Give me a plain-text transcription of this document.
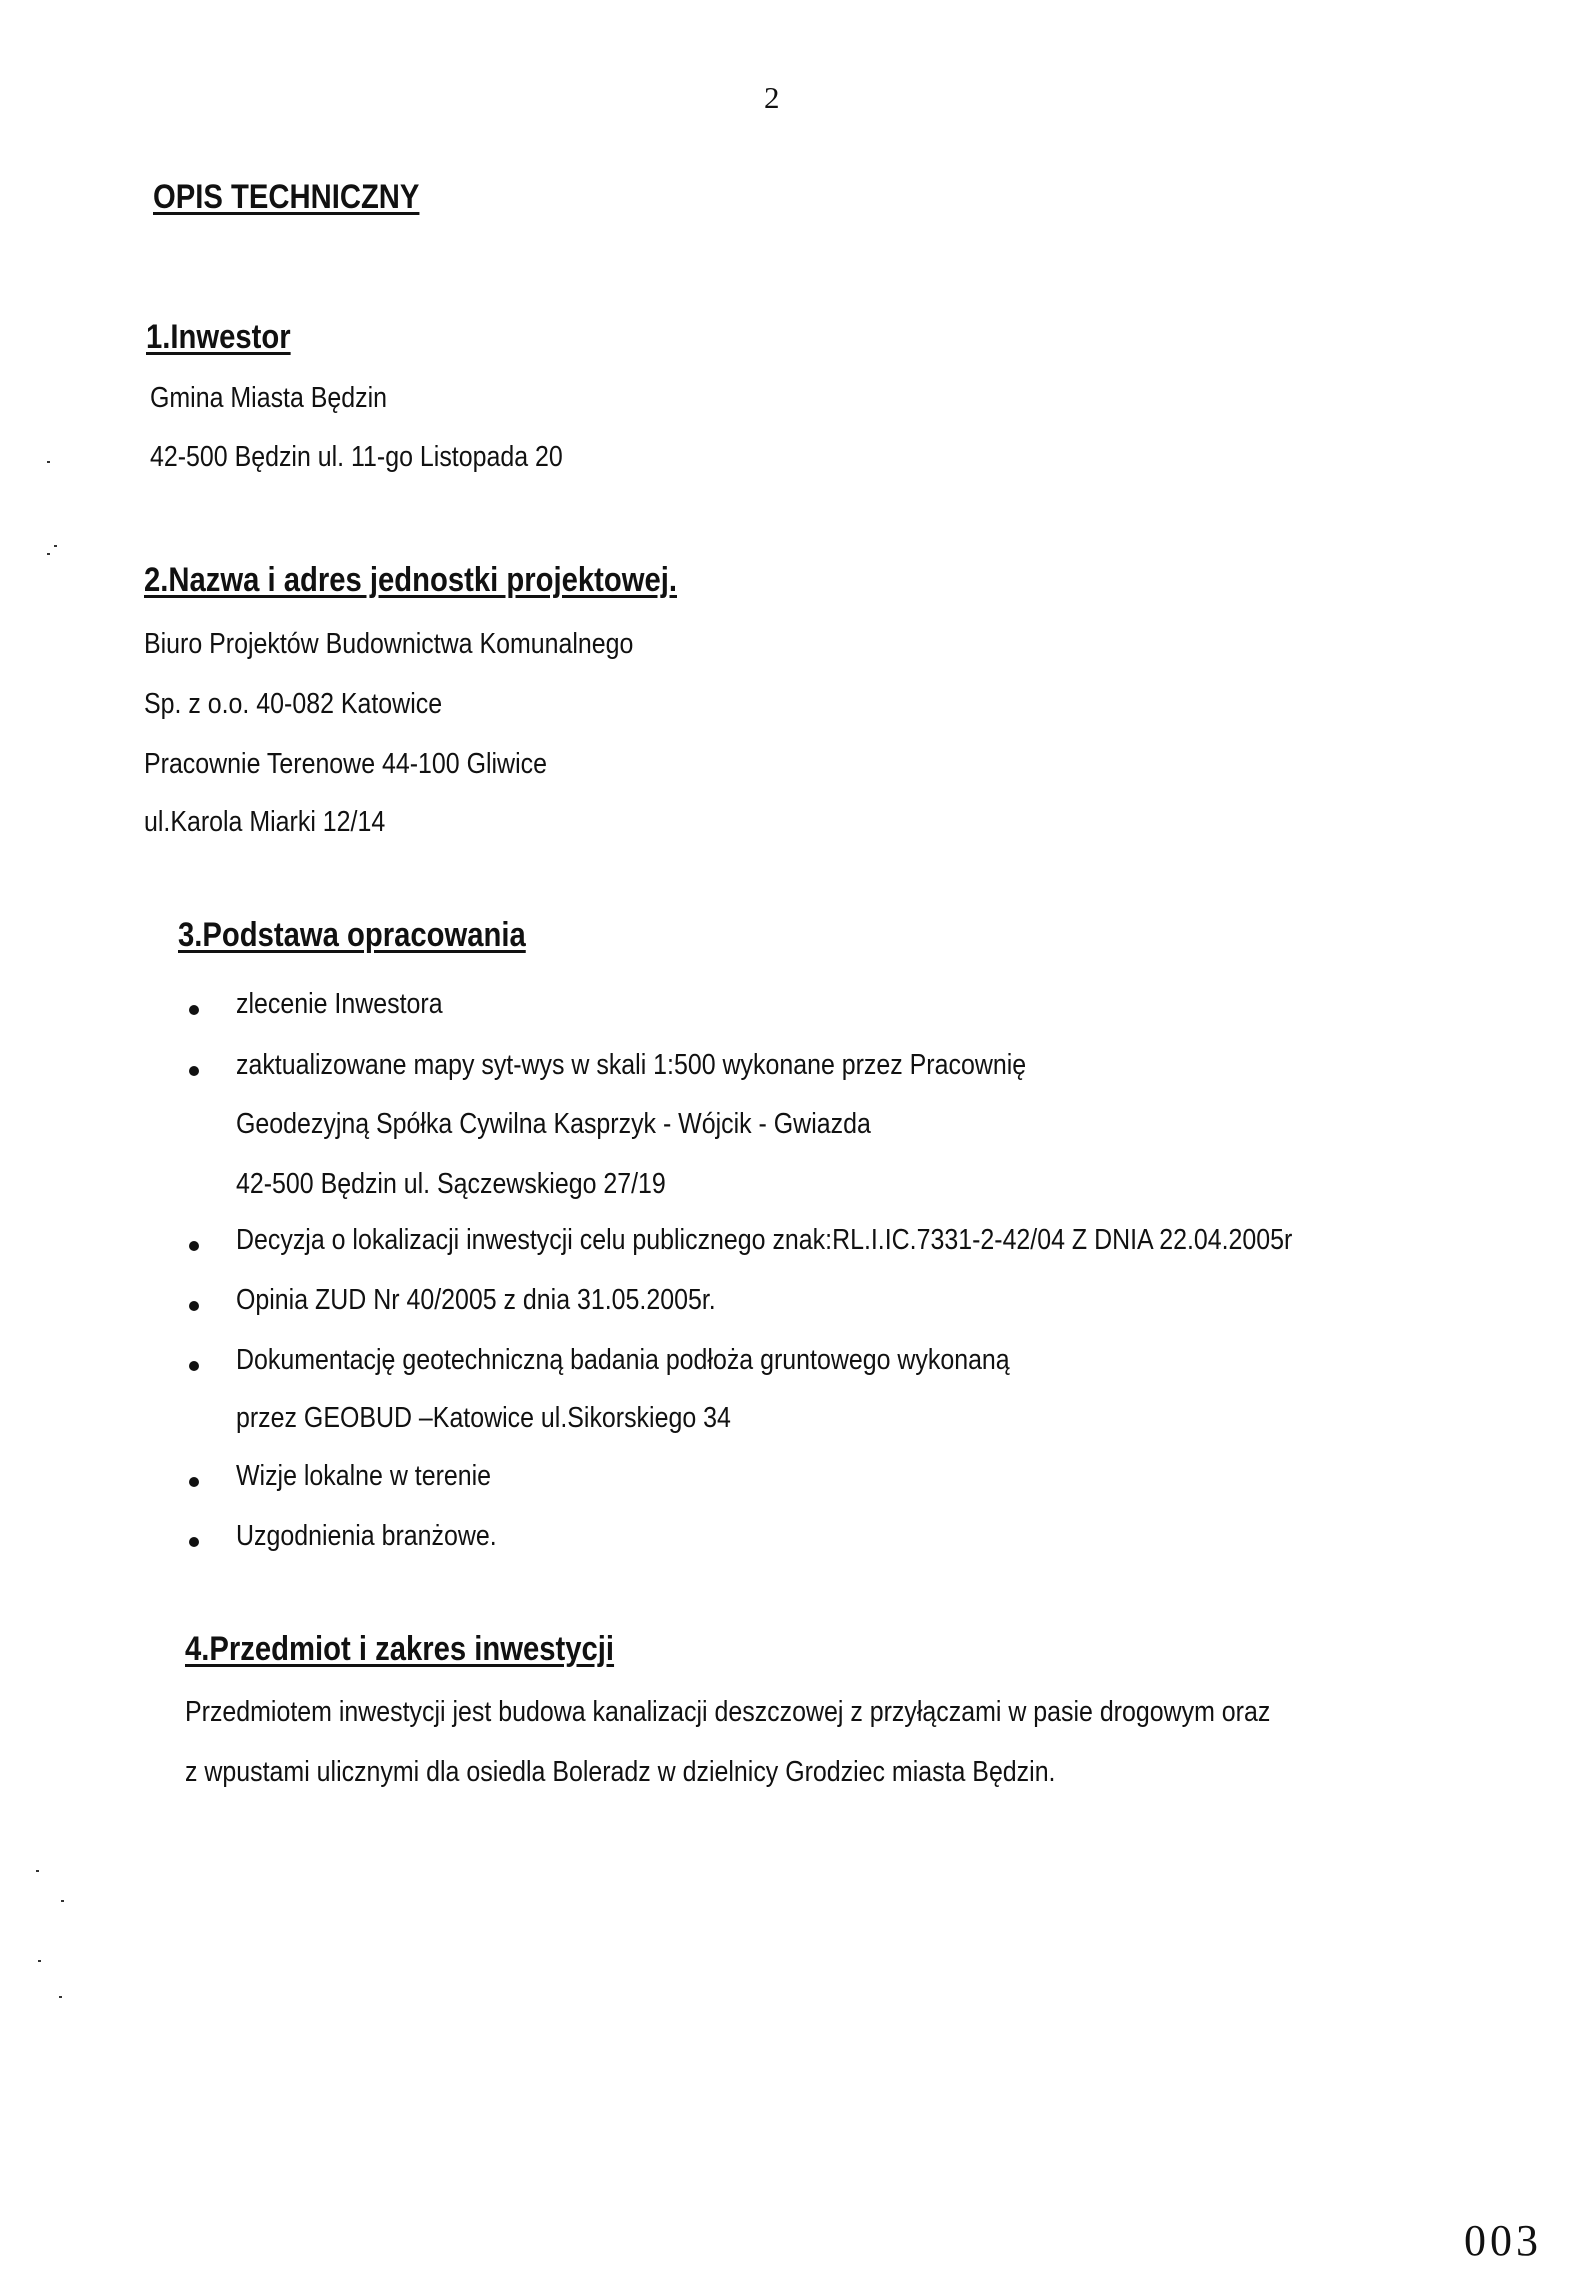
2
OPIS TECHNICZNY
1.Inwestor
Gmina Miasta Będzin
42-500 Będzin ul. 11-go Listopada 20
2.Nazwa i adres jednostki projektowej.
Biuro Projektów Budownictwa Komunalnego
Sp. z o.o. 40-082 Katowice
Pracownie Terenowe 44-100 Gliwice
ul.Karola Miarki 12/14
3.Podstawa opracowania
zlecenie Inwestora
zaktualizowane mapy syt-wys w skali 1:500 wykonane przez Pracownię
Geodezyjną Spółka Cywilna Kasprzyk - Wójcik - Gwiazda
42-500 Będzin ul. Sączewskiego 27/19
Decyzja o lokalizacji inwestycji celu publicznego znak:RL.I.IC.7331-2-42/04 Z DNIA 22.04.2005r
Opinia ZUD Nr 40/2005 z dnia 31.05.2005r.
Dokumentację geotechniczną badania podłoża gruntowego wykonaną
przez GEOBUD –Katowice ul.Sikorskiego 34
Wizje lokalne w terenie
Uzgodnienia branżowe.
4.Przedmiot i zakres inwestycji
Przedmiotem inwestycji jest budowa kanalizacji deszczowej z przyłączami w pasie drogowym oraz
z wpustami ulicznymi dla osiedla Boleradz w dzielnicy Grodziec miasta Będzin.
003
